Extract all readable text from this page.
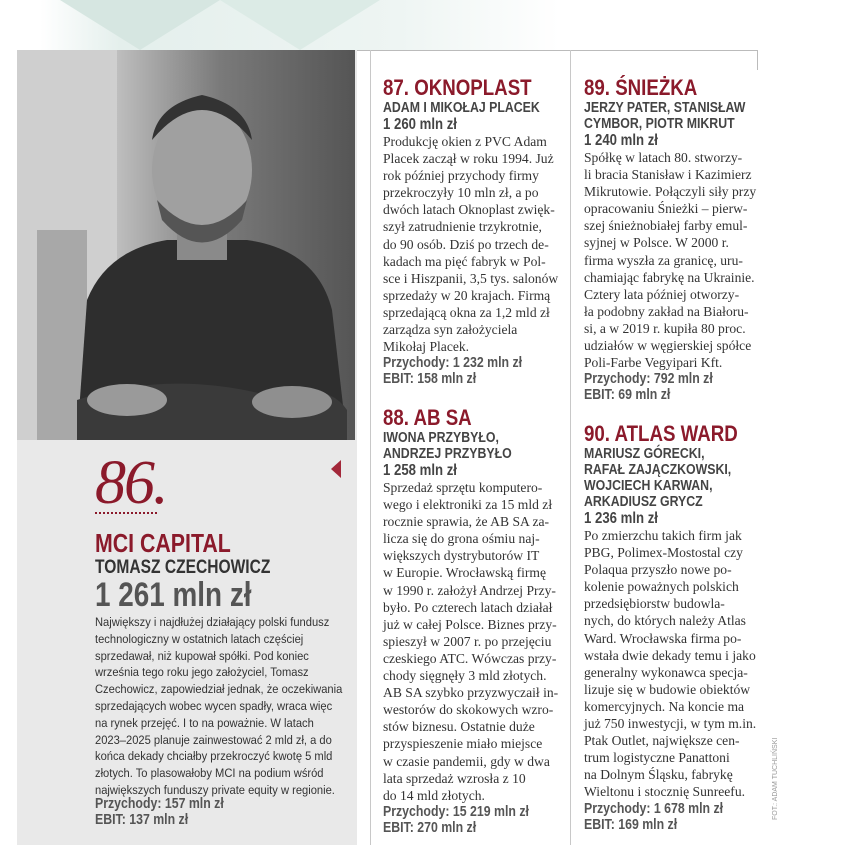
86.
MCI CAPITAL
TOMASZ CZECHOWICZ
1 261 mln zł
Największy i najdłużej działający polski fundusz
technologiczny w ostatnich latach częściej
sprzedawał, niż kupował spółki. Pod koniec
września tego roku jego założyciel, Tomasz
Czechowicz, zapowiedział jednak, że oczekiwania
sprzedających wobec wycen spadły, wraca więc
na rynek przejęć. I to na poważnie. W latach
2023–2025 planuje zainwestować 2 mld zł, a do
końca dekady chciałby przekroczyć kwotę 5 mld
złotych. To plasowałoby MCI na podium wśród
największych funduszy private equity w regionie.
Przychody: 157 mln zł
EBIT: 137 mln zł
87. OKNOPLAST
ADAM I MIKOŁAJ PLACEK
1 260 mln zł
Produkcję okien z PVC Adam
Placek zaczął w roku 1994. Już
rok później przychody firmy
przekroczyły 10 mln zł, a po
dwóch latach Oknoplast zwięk-
szył zatrudnienie trzykrotnie,
do 90 osób. Dziś po trzech de-
kadach ma pięć fabryk w Pol-
sce i Hiszpanii, 3,5 tys. salonów
sprzedaży w 20 krajach. Firmą
sprzedającą okna za 1,2 mld zł
zarządza syn założyciela
Mikołaj Placek.
Przychody: 1 232 mln zł
EBIT: 158 mln zł
88. AB SA
IWONA PRZYBYŁO,
ANDRZEJ PRZYBYŁO
1 258 mln zł
Sprzedaż sprzętu komputero-
wego i elektroniki za 15 mld zł
rocznie sprawia, że AB SA za-
licza się do grona ośmiu naj-
większych dystrybutorów IT
w Europie. Wrocławską firmę
w 1990 r. założył Andrzej Przy-
było. Po czterech latach działał
już w całej Polsce. Biznes przy-
spieszył w 2007 r. po przejęciu
czeskiego ATC. Wówczas przy-
chody sięgnęły 3 mld złotych.
AB SA szybko przyzwyczaił in-
westorów do skokowych wzro-
stów biznesu. Ostatnie duże
przyspieszenie miało miejsce
w czasie pandemii, gdy w dwa
lata sprzedaż wzrosła z 10
do 14 mld złotych.
Przychody: 15 219 mln zł
EBIT: 270 mln zł
89. ŚNIEŻKA
JERZY PATER, STANISŁAW
CYMBOR, PIOTR MIKRUT
1 240 mln zł
Spółkę w latach 80. stworzy-
li bracia Stanisław i Kazimierz
Mikrutowie. Połączyli siły przy
opracowaniu Śnieżki – pierw-
szej śnieżnobiałej farby emul-
syjnej w Polsce. W 2000 r.
firma wyszła za granicę, uru-
chamiając fabrykę na Ukrainie.
Cztery lata później otworzy-
ła podobny zakład na Białoru-
si, a w 2019 r. kupiła 80 proc.
udziałów w węgierskiej spółce
Poli-Farbe Vegyipari Kft.
Przychody: 792 mln zł
EBIT: 69 mln zł
90. ATLAS WARD
MARIUSZ GÓRECKI,
RAFAŁ ZAJĄCZKOWSKI,
WOJCIECH KARWAN,
ARKADIUSZ GRYCZ
1 236 mln zł
Po zmierzchu takich firm jak
PBG, Polimex-Mostostal czy
Polaqua przyszło nowe po-
kolenie poważnych polskich
przedsiębiorstw budowla-
nych, do których należy Atlas
Ward. Wrocławska firma po-
wstała dwie dekady temu i jako
generalny wykonawca specja-
lizuje się w budowie obiektów
komercyjnych. Na koncie ma
już 750 inwestycji, w tym m.in.
Ptak Outlet, największe cen-
trum logistyczne Panattoni
na Dolnym Śląsku, fabrykę
Wieltonu i stocznię Sunreefu.
Przychody: 1 678 mln zł
EBIT: 169 mln zł
FOT.: ADAM TUCHLIŃSKI
